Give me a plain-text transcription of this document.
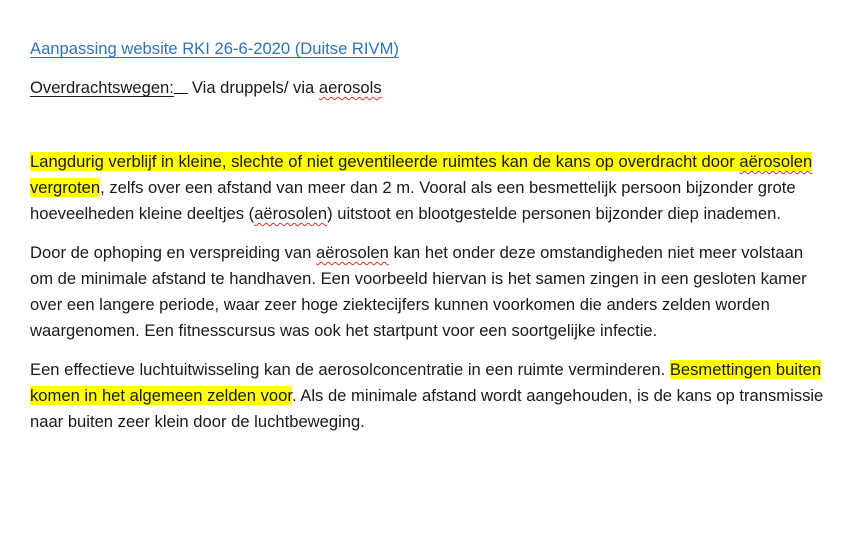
Aanpassing website RKI 26-6-2020 (Duitse RIVM)
Overdrachtswegen: Via druppels/ via aerosols

Langdurig verblijf in kleine, slechte of niet geventileerde ruimtes kan de kans op overdracht door aërosolen vergroten, zelfs over een afstand van meer dan 2 m. Vooral als een besmettelijk persoon bijzonder grote hoeveelheden kleine deeltjes (aërosolen) uitstoot en blootgestelde personen bijzonder diep inademen.

Door de ophoping en verspreiding van aërosolen kan het onder deze omstandigheden niet meer volstaan om de minimale afstand te handhaven. Een voorbeeld hiervan is het samen zingen in een gesloten kamer over een langere periode, waar zeer hoge ziektecijfers kunnen voorkomen die anders zelden worden waargenomen. Een fitnesscursus was ook het startpunt voor een soortgelijke infectie.

Een effectieve luchtuitwisseling kan de aerosolconcentratie in een ruimte verminderen. Besmettingen buiten komen in het algemeen zelden voor. Als de minimale afstand wordt aangehouden, is de kans op transmissie naar buiten zeer klein door de luchtbeweging.
